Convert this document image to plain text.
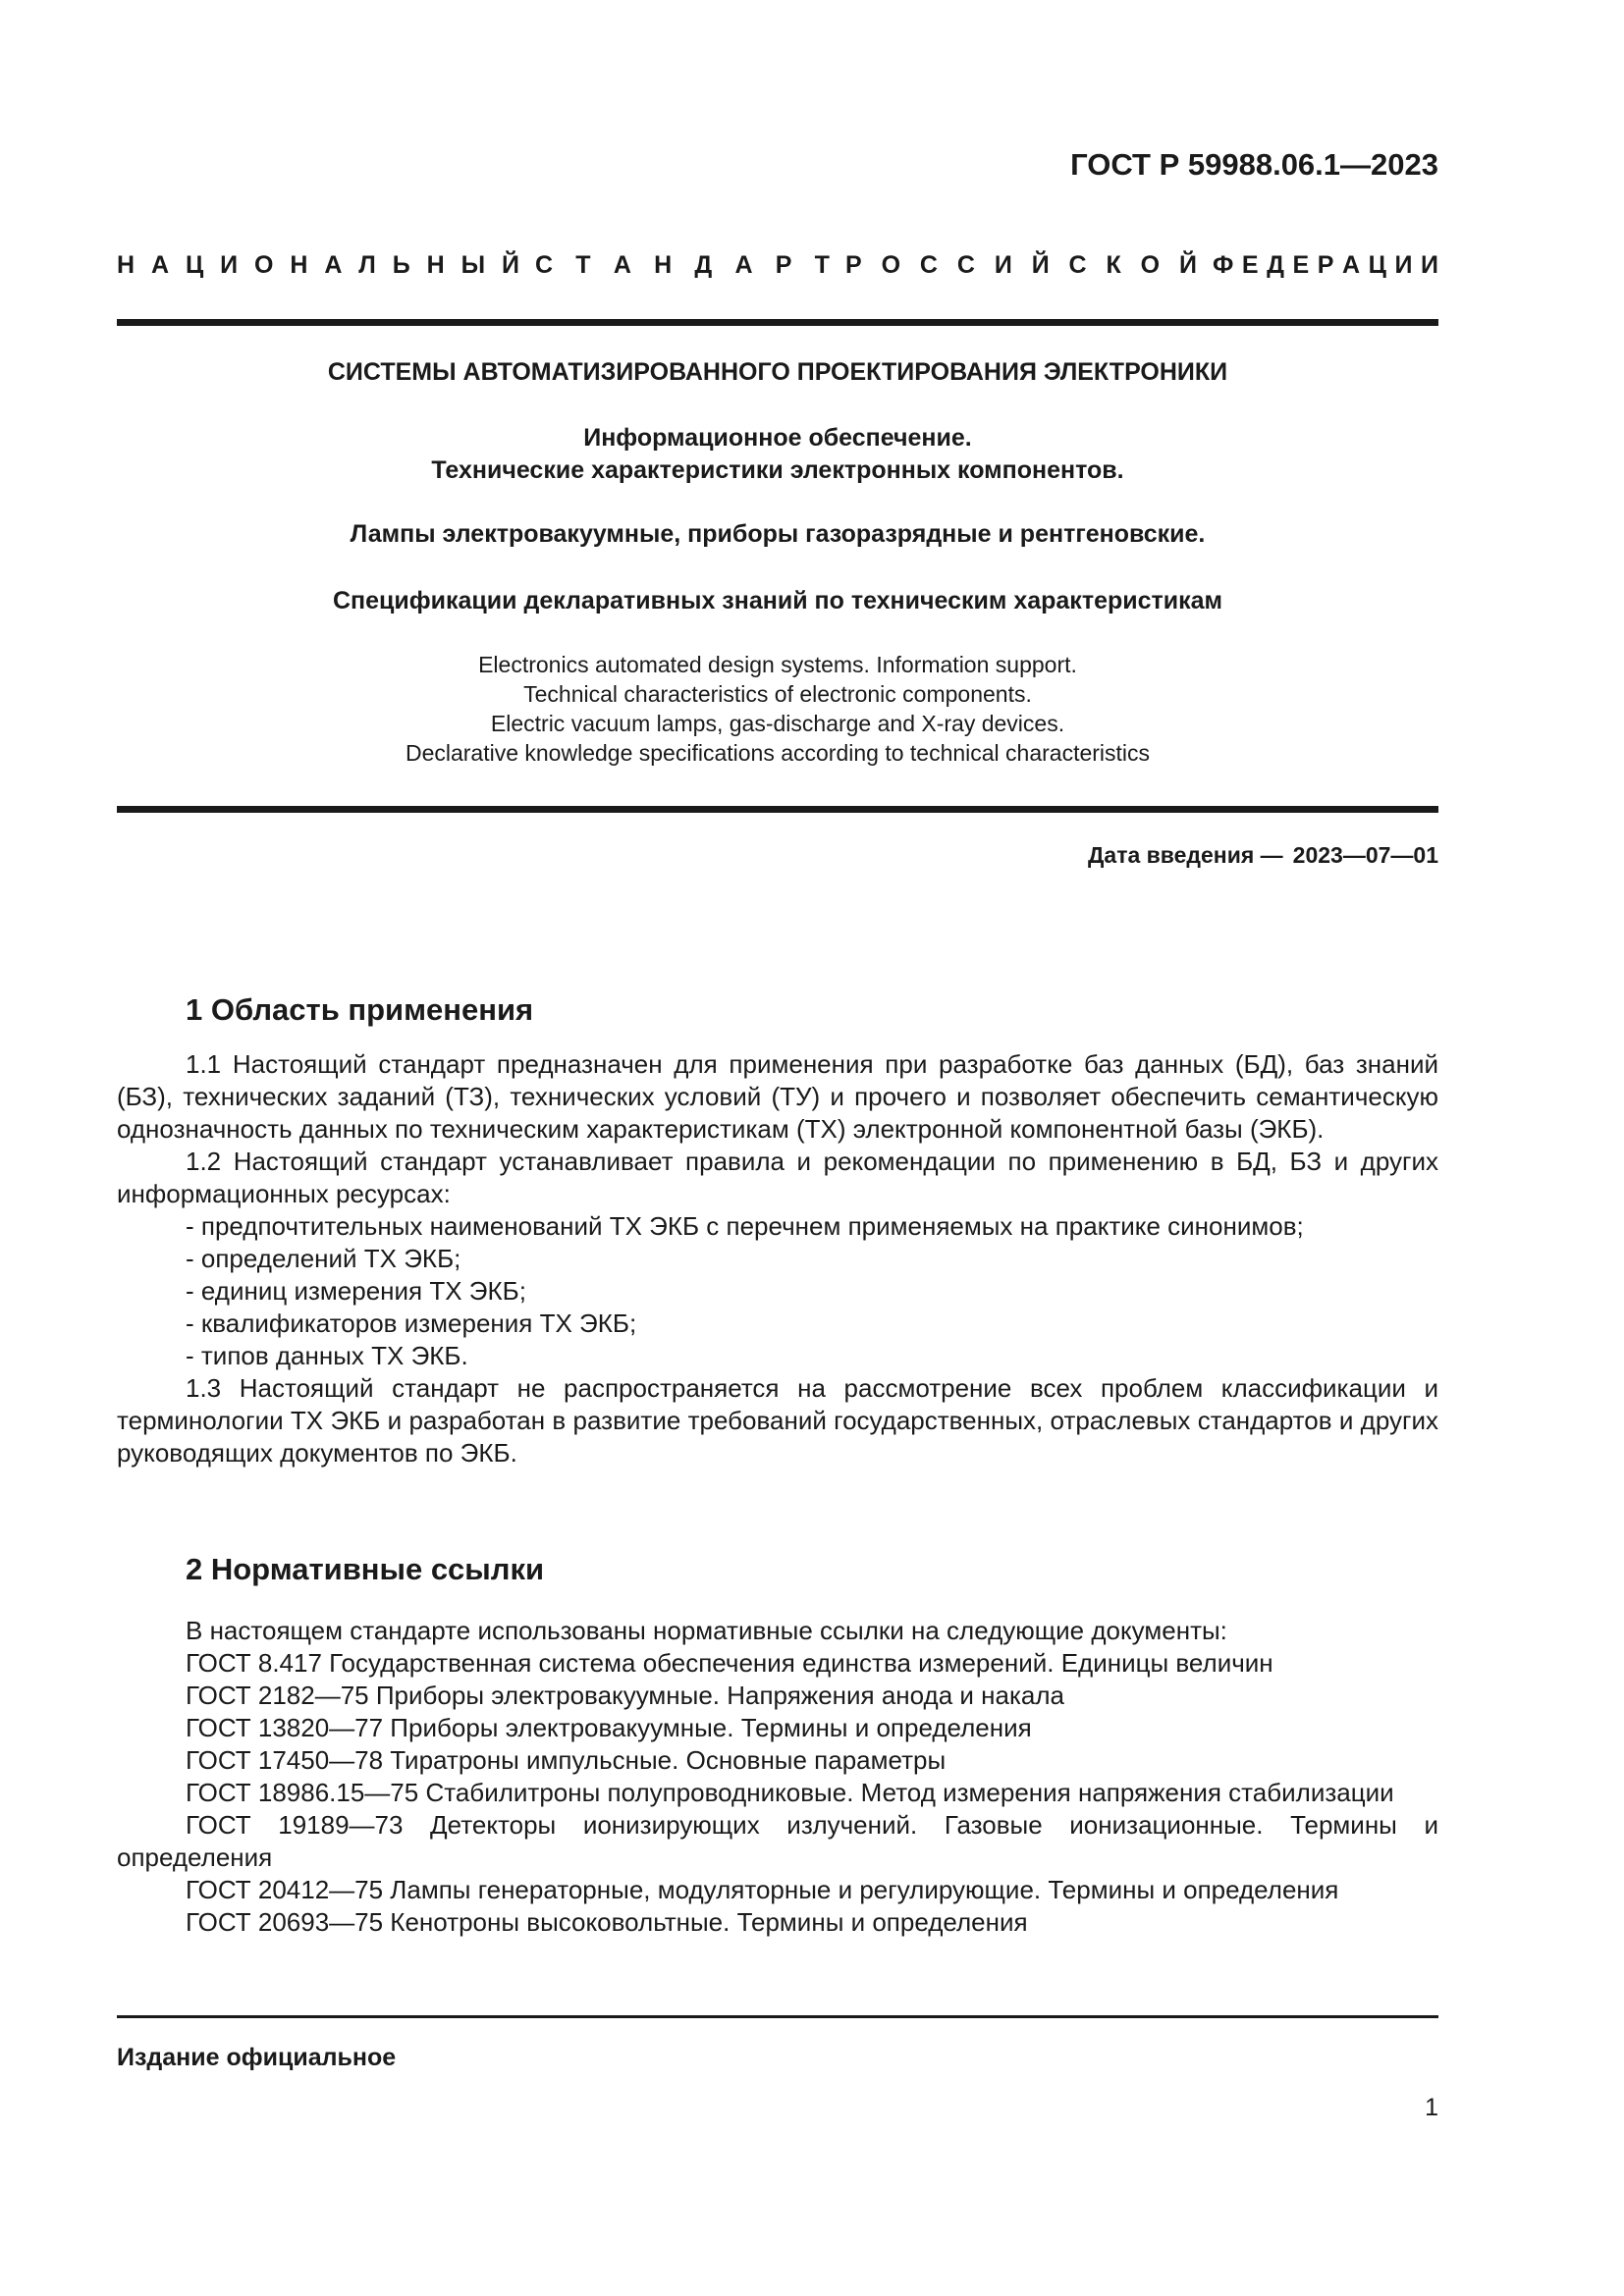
ГОСТ Р 59988.06.1—2023
Н А Ц И О Н А Л Ь Н Ы Й С Т А Н Д А Р Т Р О С С И Й С К О Й Ф Е Д Е Р А Ц И И
СИСТЕМЫ АВТОМАТИЗИРОВАННОГО ПРОЕКТИРОВАНИЯ ЭЛЕКТРОНИКИ
Информационное обеспечение.
Технические характеристики электронных компонентов.
Лампы электровакуумные, приборы газоразрядные и рентгеновские.
Спецификации декларативных знаний по техническим характеристикам
Electronics automated design systems. Information support.
Technical characteristics of electronic components.
Electric vacuum lamps, gas-discharge and X-ray devices.
Declarative knowledge specifications according to technical characteristics
Дата введения — 2023—07—01
1 Область применения

1.1 Настоящий стандарт предназначен для применения при разработке баз данных (БД), баз знаний (БЗ), технических заданий (ТЗ), технических условий (ТУ) и прочего и позволяет обеспечить семантическую однозначность данных по техническим характеристикам (ТХ) электронной компонентной базы (ЭКБ).

1.2 Настоящий стандарт устанавливает правила и рекомендации по применению в БД, БЗ и других информационных ресурсах:

- предпочтительных наименований ТХ ЭКБ с перечнем применяемых на практике синонимов;

- определений ТХ ЭКБ;

- единиц измерения ТХ ЭКБ;

- квалификаторов измерения ТХ ЭКБ;

- типов данных ТХ ЭКБ.

1.3 Настоящий стандарт не распространяется на рассмотрение всех проблем классификации и терминологии ТХ ЭКБ и разработан в развитие требований государственных, отраслевых стандартов и других руководящих документов по ЭКБ.

2 Нормативные ссылки

В настоящем стандарте использованы нормативные ссылки на следующие документы:

ГОСТ 8.417 Государственная система обеспечения единства измерений. Единицы величин

ГОСТ 2182—75 Приборы электровакуумные. Напряжения анода и накала

ГОСТ 13820—77 Приборы электровакуумные. Термины и определения

ГОСТ 17450—78 Тиратроны импульсные. Основные параметры

ГОСТ 18986.15—75 Стабилитроны полупроводниковые. Метод измерения напряжения стабилизации

ГОСТ 19189—73 Детекторы ионизирующих излучений. Газовые ионизационные. Термины и определения

ГОСТ 20412—75 Лампы генераторные, модуляторные и регулирующие. Термины и определения

ГОСТ 20693—75 Кенотроны высоковольтные. Термины и определения

Издание официальное
1
